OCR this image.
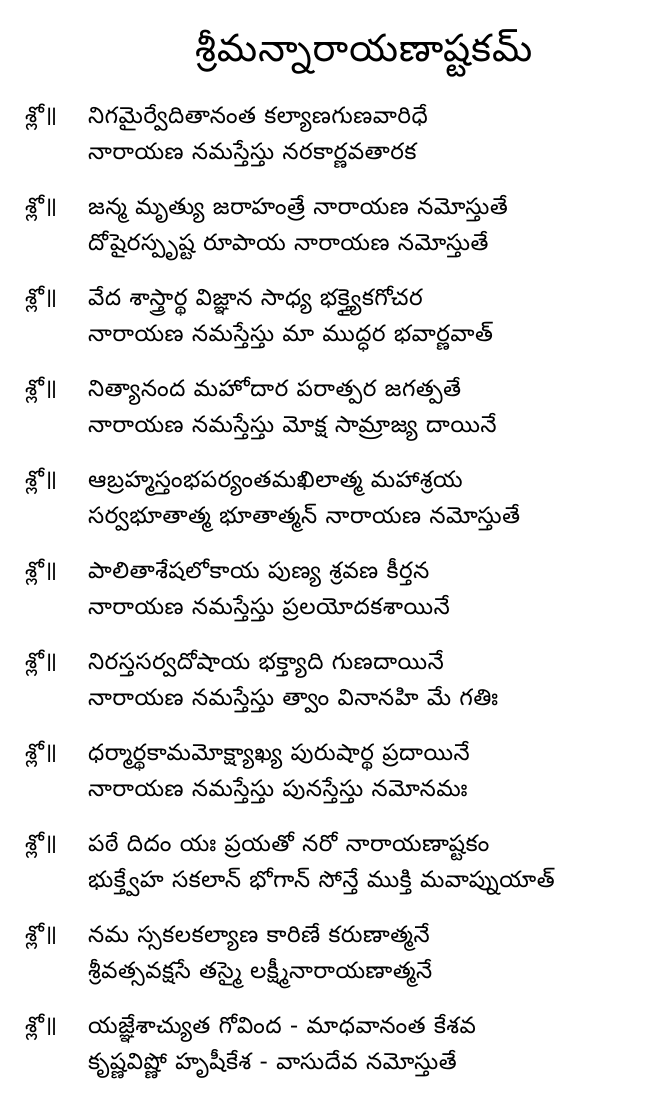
శ్రీమన్నారాయణాష్టకమ్
శ్లో॥ నిగమైర్వేదితానంత కల్యాణగుణవారిధే
నారాయణ నమస్తేస్తు నరకార్ణవతారక
శ్లో॥ జన్మ మృత్యు జరాహంత్రే నారాయణ నమోస్తుతే
దోషైరస్పృష్ట రూపాయ నారాయణ నమోస్తుతే
శ్లో॥ వేద శాస్త్రార్థ విజ్ఞాన సాధ్య భక్త్యైకగోచర
నారాయణ నమస్తేస్తు మా ముద్ధర భవార్ణవాత్
శ్లో॥ నిత్యానంద మహోదార పరాత్పర జగత్పతే
నారాయణ నమస్తేస్తు మోక్ష సామ్రాజ్య దాయినే
శ్లో॥ ఆబ్రహ్మస్తంభపర్యంతమఖిలాత్మ మహాశ్రయ
సర్వభూతాత్మ భూతాత్మన్ నారాయణ నమోస్తుతే
శ్లో॥ పాలితాశేషలోకాయ పుణ్య శ్రవణ కీర్తన
నారాయణ నమస్తేస్తు ప్రలయోదకశాయినే
శ్లో॥ నిరస్తసర్వదోషాయ భక్త్యాది గుణదాయినే
నారాయణ నమస్తేస్తు త్వాం వినానహి మే గతిః
శ్లో॥ ధర్మార్థకామమోక్ష్యాఖ్య పురుషార్థ ప్రదాయినే
నారాయణ నమస్తేస్తు పునస్తేస్తు నమోనమః
శ్లో॥ పఠే దిదం యః ప్రయతో నరో నారాయణాష్టకం
భుక్త్వేహ సకలాన్ భోగాన్ సోన్తే ముక్తి మవాప్నుయాత్
శ్లో॥ నమ స్సకలకల్యాణ కారిణే కరుణాత్మనే
శ్రీవత్సవక్షసే తస్మై లక్ష్మీనారాయణాత్మనే
శ్లో॥ యజ్ఞేశాచ్యుత గోవింద - మాధవానంత కేశవ
కృష్ణవిష్ణో హృషీకేశ - వాసుదేవ నమోస్తుతే
